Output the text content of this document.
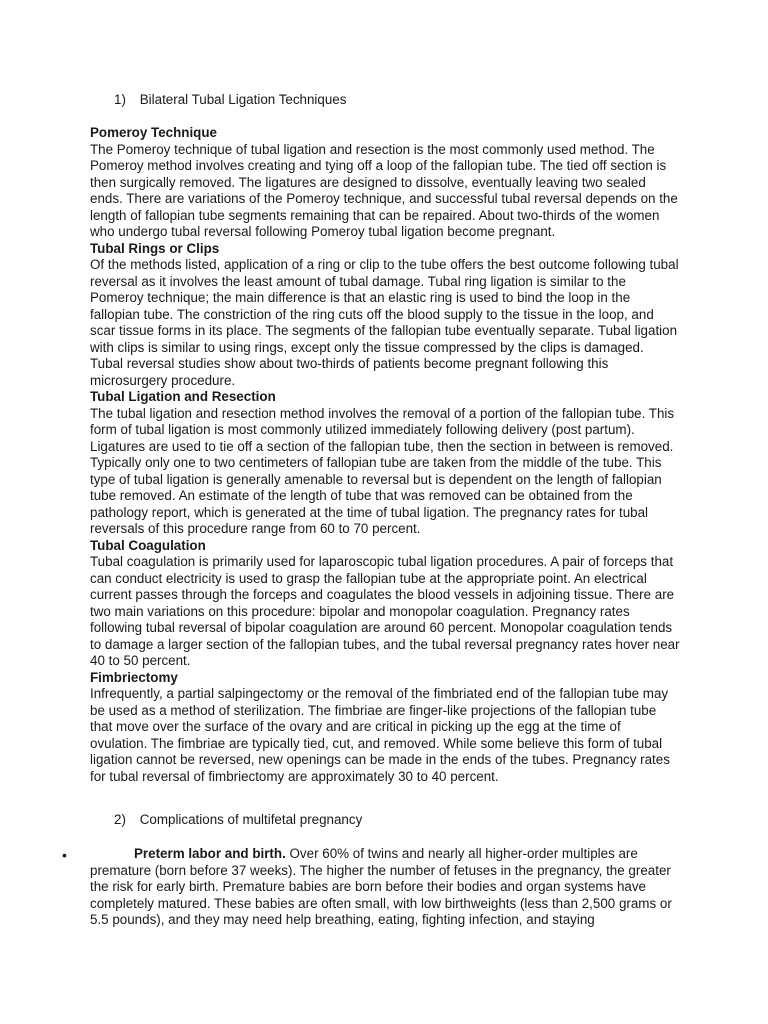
1) Bilateral Tubal Ligation Techniques
Pomeroy Technique
The Pomeroy technique of tubal ligation and resection is the most commonly used method. The Pomeroy method involves creating and tying off a loop of the fallopian tube. The tied off section is then surgically removed. The ligatures are designed to dissolve, eventually leaving two sealed ends. There are variations of the Pomeroy technique, and successful tubal reversal depends on the length of fallopian tube segments remaining that can be repaired. About two-thirds of the women who undergo tubal reversal following Pomeroy tubal ligation become pregnant.
Tubal Rings or Clips
Of the methods listed, application of a ring or clip to the tube offers the best outcome following tubal reversal as it involves the least amount of tubal damage. Tubal ring ligation is similar to the Pomeroy technique; the main difference is that an elastic ring is used to bind the loop in the fallopian tube. The constriction of the ring cuts off the blood supply to the tissue in the loop, and scar tissue forms in its place. The segments of the fallopian tube eventually separate. Tubal ligation with clips is similar to using rings, except only the tissue compressed by the clips is damaged. Tubal reversal studies show about two-thirds of patients become pregnant following this microsurgery procedure.
Tubal Ligation and Resection
The tubal ligation and resection method involves the removal of a portion of the fallopian tube. This form of tubal ligation is most commonly utilized immediately following delivery (post partum). Ligatures are used to tie off a section of the fallopian tube, then the section in between is removed. Typically only one to two centimeters of fallopian tube are taken from the middle of the tube. This type of tubal ligation is generally amenable to reversal but is dependent on the length of fallopian tube removed. An estimate of the length of tube that was removed can be obtained from the pathology report, which is generated at the time of tubal ligation. The pregnancy rates for tubal reversals of this procedure range from 60 to 70 percent.
Tubal Coagulation
Tubal coagulation is primarily used for laparoscopic tubal ligation procedures. A pair of forceps that can conduct electricity is used to grasp the fallopian tube at the appropriate point. An electrical current passes through the forceps and coagulates the blood vessels in adjoining tissue. There are two main variations on this procedure: bipolar and monopolar coagulation. Pregnancy rates following tubal reversal of bipolar coagulation are around 60 percent. Monopolar coagulation tends to damage a larger section of the fallopian tubes, and the tubal reversal pregnancy rates hover near 40 to 50 percent.
Fimbriectomy
Infrequently, a partial salpingectomy or the removal of the fimbriated end of the fallopian tube may be used as a method of sterilization. The fimbriae are finger-like projections of the fallopian tube that move over the surface of the ovary and are critical in picking up the egg at the time of ovulation. The fimbriae are typically tied, cut, and removed. While some believe this form of tubal ligation cannot be reversed, new openings can be made in the ends of the tubes. Pregnancy rates for tubal reversal of fimbriectomy are approximately 30 to 40 percent.
2) Complications of multifetal pregnancy
•	Preterm labor and birth. Over 60% of twins and nearly all higher-order multiples are premature (born before 37 weeks). The higher the number of fetuses in the pregnancy, the greater the risk for early birth. Premature babies are born before their bodies and organ systems have completely matured. These babies are often small, with low birthweights (less than 2,500 grams or 5.5 pounds), and they may need help breathing, eating, fighting infection, and staying
